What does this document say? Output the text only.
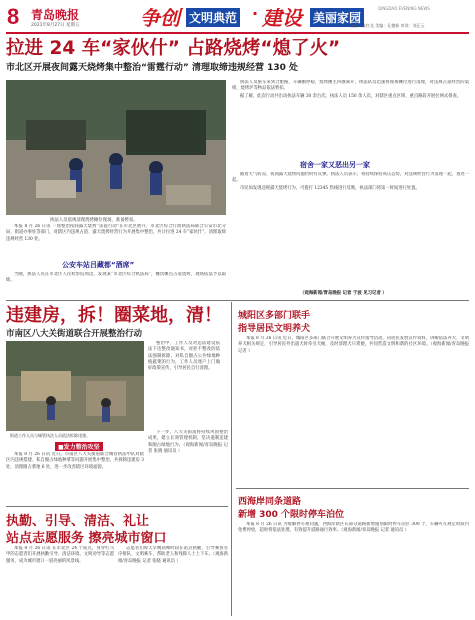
8 青岛晚报
2021年8月27日 星期五	争创 文明典范 · 建设 美丽家园
QINGDAO EVENING NEWS
责编：张红光 美编：孔德新 审读：刘正云
拉进 24 车“家伙什” 占路烧烤“熄了火”
市北区开展夜间露天烧烤集中整治“雷霆行动” 清理取缔违规经营 130 处
执法人员依规清理烧烤摊位现场，准备暂扣。

本报 8 月 26 日讯 一场整治夜间露天烧烤“雷霆行动”在市北区展开，市北区综合行政执法局联合公安市北分局、街道办事处等部门，对辖区内违规占道、露天烧烤经营行为开展集中整治，共计拉进 24 车“家伙什”，清理取缔违规经营 130 处。

公安车站吕藏都“酒席”

当晚，执法人员在市北区人民检察院周边，发现某“市北区综合执法局”，餐饮摊点占道烧烤，现场依法予以取缔。

执法人员驱车来到合肥路，车辆刚停稳，烧烤摊主四散离开，执法队员迅速将现场摊位进行清理，对违规占道经营的桌椅、烧烤炉等物品依法暂扣。

据了解，此次行动共出动执法车辆 30 余台次，执法人员 150 余人次，对辖区重点区域、重点路段开展拉网式排查。

宿舍一家又恶出另一家

随着天气转凉，夜间露天烧烤问题仍时有反弹。执法人员表示，将持续保持高压态势，对违规经营行为发现一起、查处一起。

市民如发现违规露天烧烤行为，可拨打 12345 热线进行反映，执法部门将第一时间进行处置。

（观海新闻/青岛晚报 记者 于波 见习记者 ）
违建房，拆！圈菜地，清！
市南区八大关街道联合开展整治行动
街道工作人员与城管执法人员依法拆除违建。
■发力整治攻坚

本报 8 月 26 日讯 近日，市南区八大关街道联合城管执法中队对辖区内违规搭建、私自圈占绿地种菜等问题开展集中整治，共拆除违建房 3 处，清理圈占菜地 6 处，进一步改善辖区环境面貌。

整治中，工作人员对违法建设依法下达整改通知书，对拒不整改的依法强制拆除。对私自圈占公共绿地种植蔬菜的行为，工作人员逐户上门做好政策宣传，引导居民自行清理。

下一步，八大关街道将持续巩固整治成果，建立长效管理机制，坚决遏制违建和圈占绿地行为。（观海新闻/青岛晚报 记者 张晓 通讯员 ）

执勤、引导、清洁、礼让
站点志愿服务 擦亮城市窗口

本报 8 月 26 日讯 在市北区 24 个站点，身穿红马甲的志愿者们开展执勤引导、清洁环境、文明劝导等志愿服务，成为城市窗口一道亮丽的风景线。

志愿者们每天早晚高峰时段在站点执勤，引导乘客有序排队、文明乘车，帮助老人和残障人士上下车。（观海新闻/青岛晚报 记者 张晓 通讯员 ）

城阳区多部门联手
指导居民文明养犬

本报 8 月 26 日讯 近日，城阳区多部门联合开展文明养犬宣传指导活动，向居民发放宣传资料，讲解依法养犬、文明养犬相关规定，引导居民外出遛犬时牵引犬绳、及时清理犬只粪便，共同营造文明和谐的社区环境。（观海新闻/青岛晚报 记者 ）

西海岸同条道路
新增 300 个限时停车泊位

本报 8 月 26 日讯 为缓解停车难问题，西海岸新区在部分道路新增施划限时停车泊位 300 个，车辆可在规定时段内免费停放，超时将依法处理，有效提升道路通行效率。（观海新闻/青岛晚报 记者 通讯员 ）
